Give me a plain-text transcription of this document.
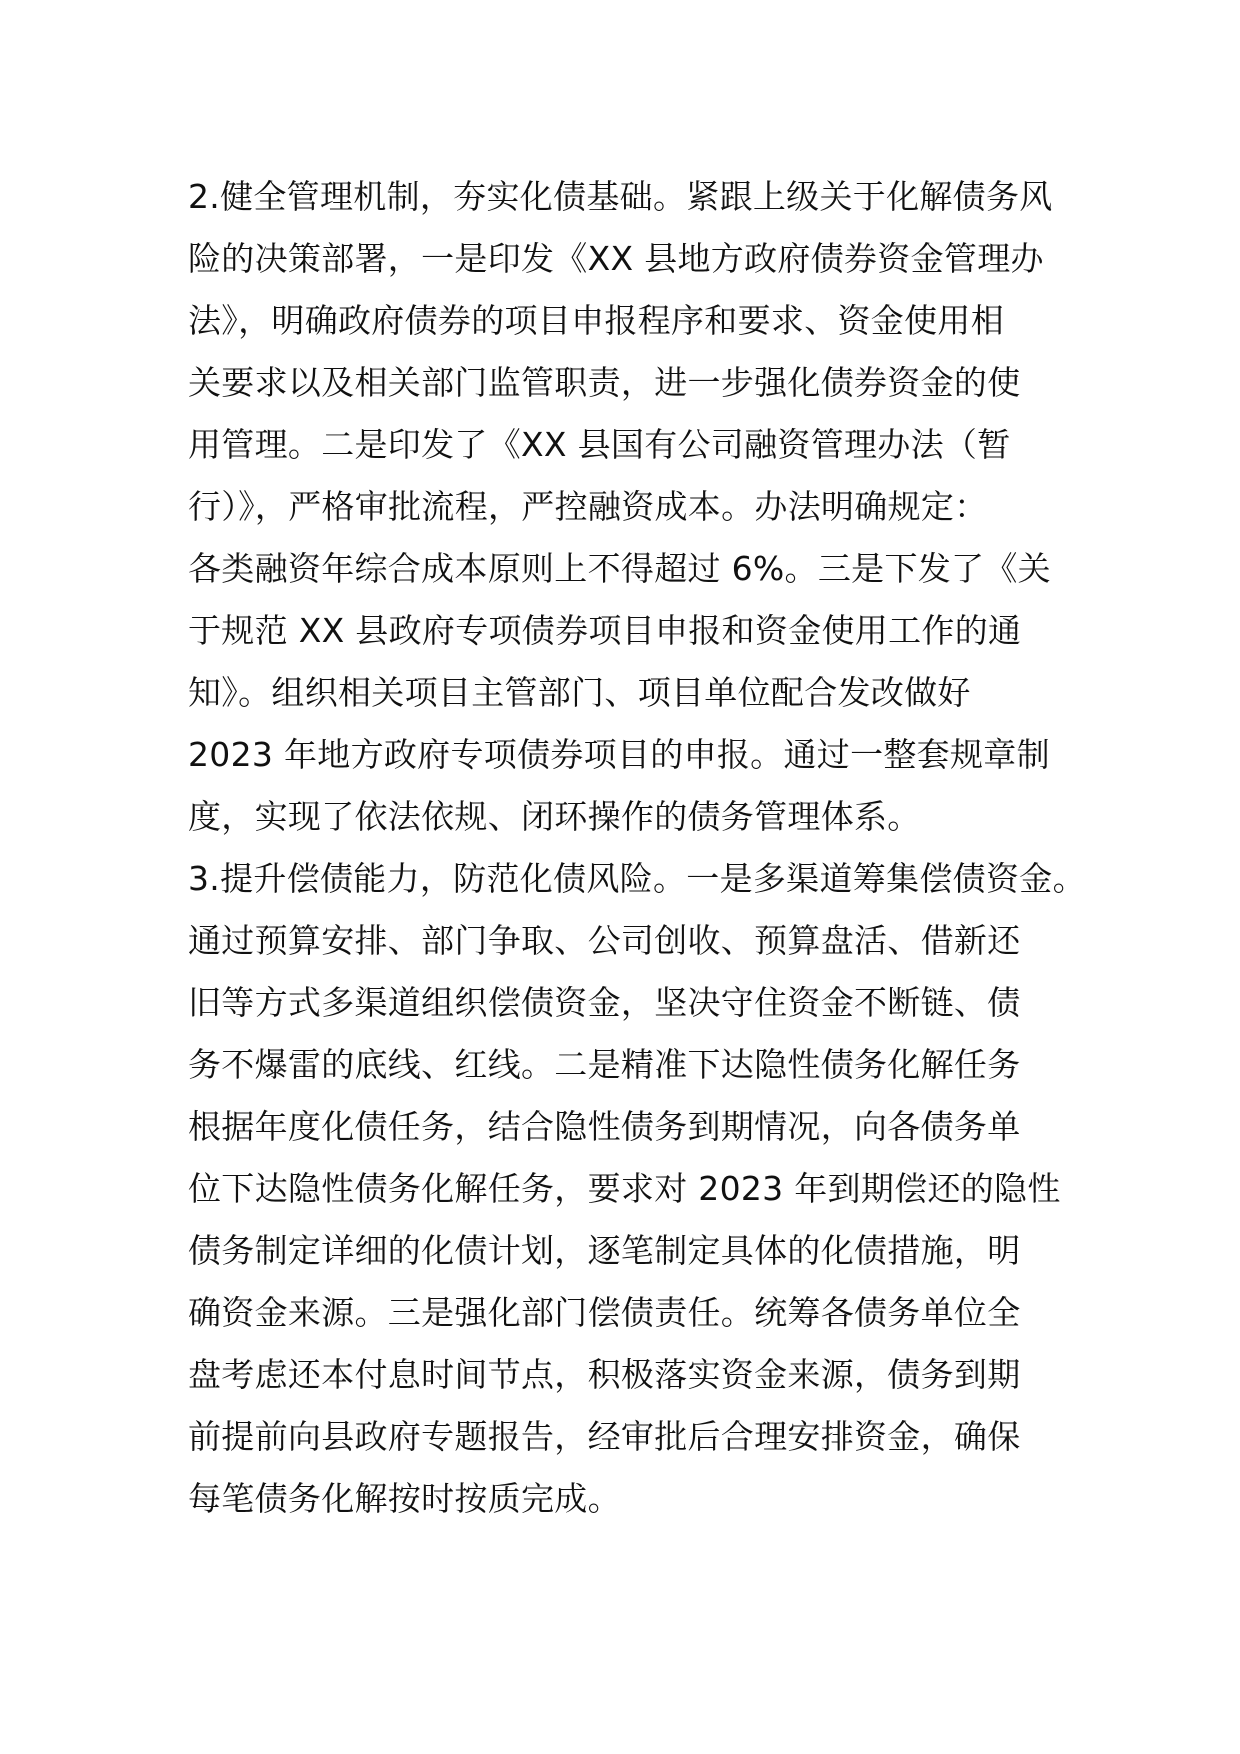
2.健全管理机制，夯实化债基础。紧跟上级关于化解债务风
险的决策部署，一是印发《XX 县地方政府债券资金管理办
法》，明确政府债券的项目申报程序和要求、资金使用相
关要求以及相关部门监管职责，进一步强化债券资金的使
用管理。二是印发了《XX 县国有公司融资管理办法（暂
行）》，严格审批流程，严控融资成本。办法明确规定：
各类融资年综合成本原则上不得超过 6%。三是下发了《关
于规范 XX 县政府专项债券项目申报和资金使用工作的通
知》。组织相关项目主管部门、项目单位配合发改做好
2023 年地方政府专项债券项目的申报。通过一整套规章制
度，实现了依法依规、闭环操作的债务管理体系。
3.提升偿债能力，防范化债风险。一是多渠道筹集偿债资金。
通过预算安排、部门争取、公司创收、预算盘活、借新还
旧等方式多渠道组织偿债资金，坚决守住资金不断链、债
务不爆雷的底线、红线。二是精准下达隐性债务化解任务
根据年度化债任务，结合隐性债务到期情况，向各债务单
位下达隐性债务化解任务，要求对 2023 年到期偿还的隐性
债务制定详细的化债计划，逐笔制定具体的化债措施，明
确资金来源。三是强化部门偿债责任。统筹各债务单位全
盘考虑还本付息时间节点，积极落实资金来源，债务到期
前提前向县政府专题报告，经审批后合理安排资金，确保
每笔债务化解按时按质完成。
